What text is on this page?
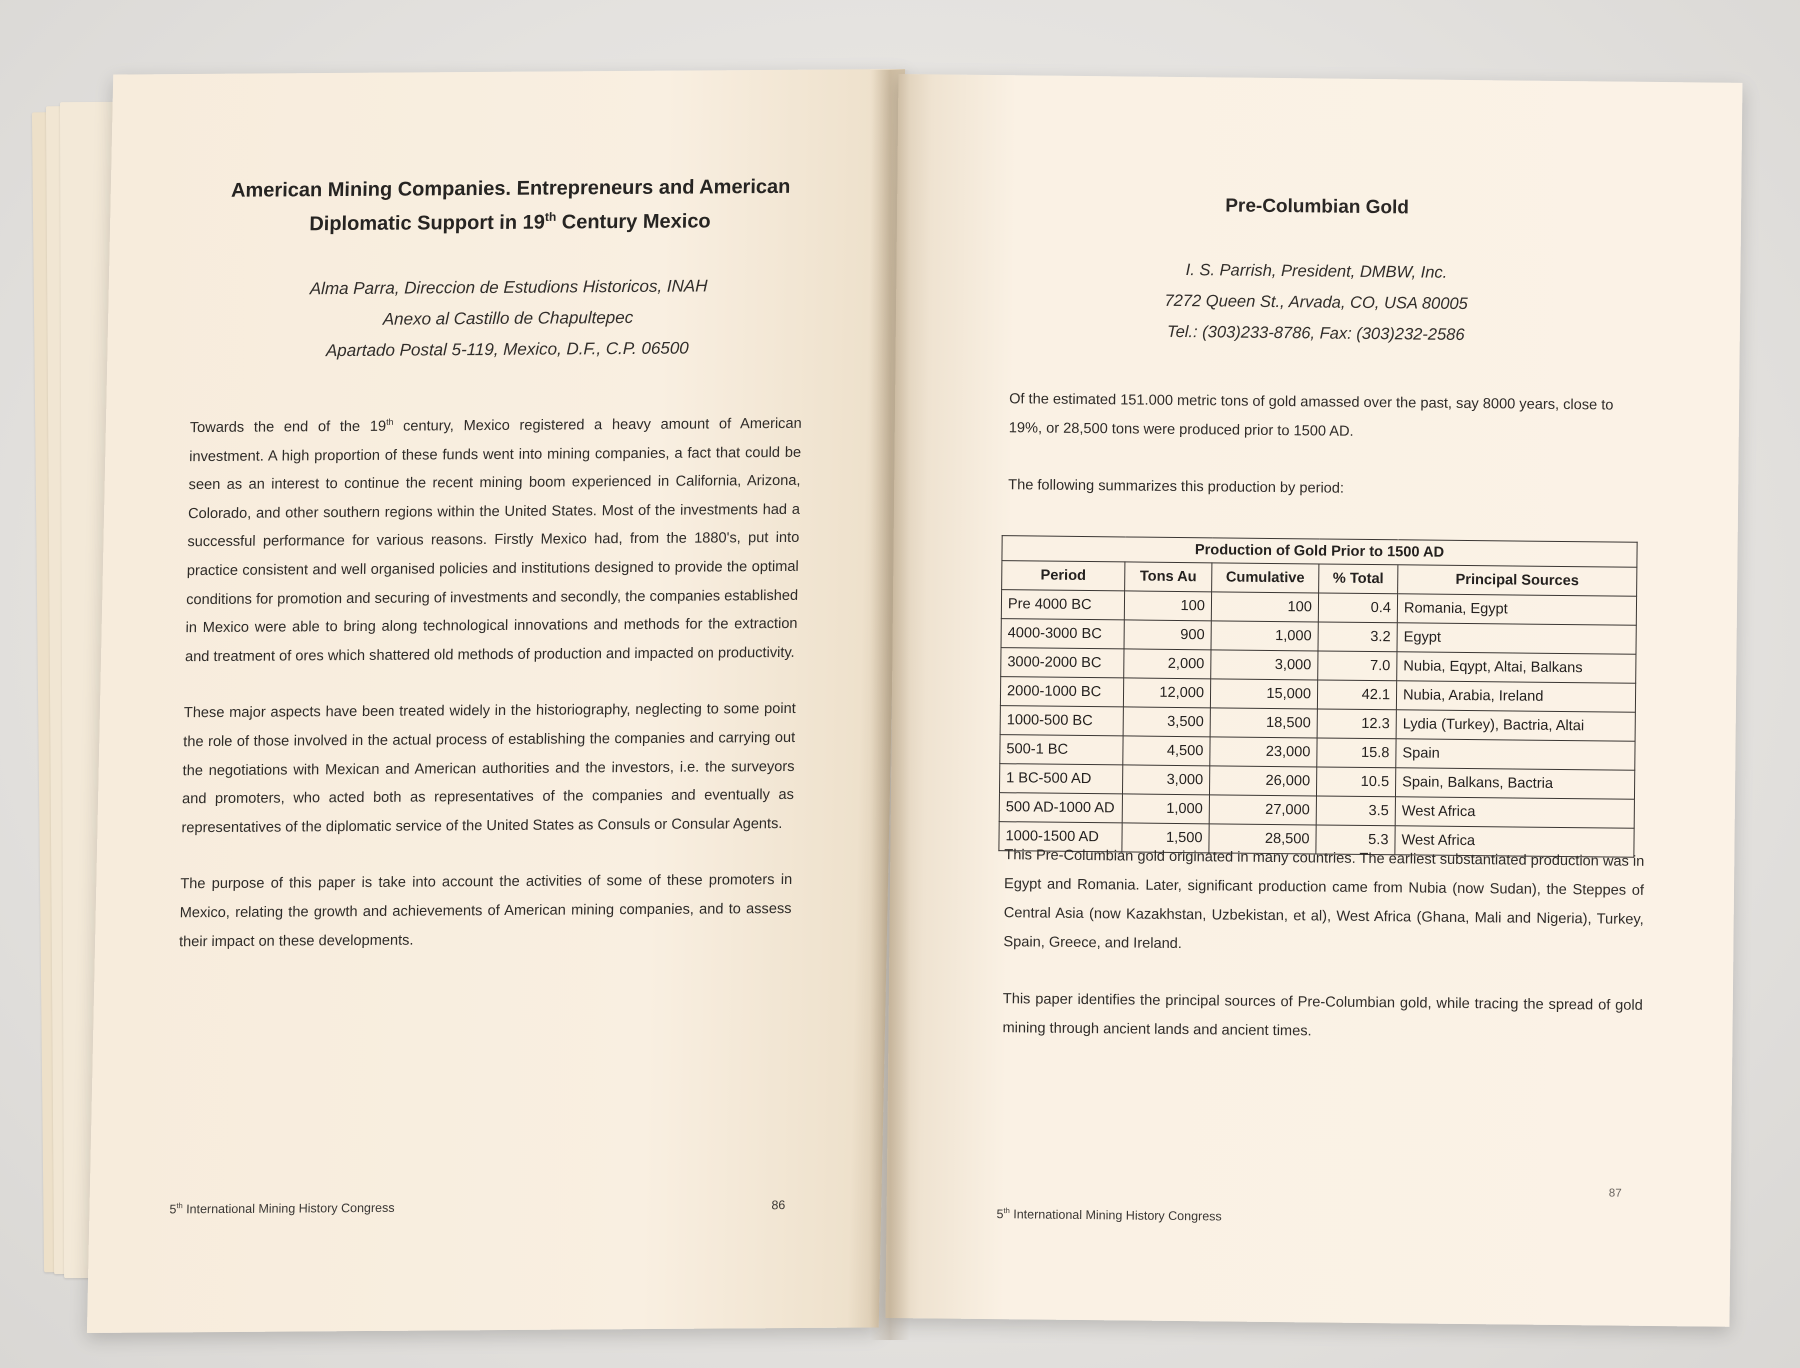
American Mining Companies. Entrepreneurs and American
Diplomatic Support in 19th Century Mexico
Alma Parra, Direccion de Estudions Historicos, INAH
Anexo al Castillo de Chapultepec
Apartado Postal 5-119, Mexico, D.F., C.P. 06500

Towards the end of the 19th century, Mexico registered a heavy amount of American investment. A high proportion of these funds went into mining companies, a fact that could be seen as an interest to continue the recent mining boom experienced in California, Arizona, Colorado, and other southern regions within the United States. Most of the investments had a successful performance for various reasons. Firstly Mexico had, from the 1880's, put into practice consistent and well organised policies and institutions designed to provide the optimal conditions for promotion and securing of investments and secondly, the companies established in Mexico were able to bring along technological innovations and methods for the extraction and treatment of ores which shattered old methods of production and impacted on productivity.

These major aspects have been treated widely in the historiography, neglecting to some point the role of those involved in the actual process of establishing the companies and carrying out the negotiations with Mexican and American authorities and the investors, i.e. the surveyors and promoters, who acted both as representatives of the companies and eventually as representatives of the diplomatic service of the United States as Consuls or Consular Agents.

The purpose of this paper is take into account the activities of some of these promoters in Mexico, relating the growth and achievements of American mining companies, and to assess their impact on these developments.

5th International Mining History Congress	86
Pre-Columbian Gold
I. S. Parrish, President, DMBW, Inc.
7272 Queen St., Arvada, CO, USA 80005
Tel.: (303)233-8786, Fax: (303)232-2586

Of the estimated 151.000 metric tons of gold amassed over the past, say 8000 years, close to 19%, or 28,500 tons were produced prior to 1500 AD.

The following summarizes this production by period:

Production of Gold Prior to 1500 AD				
Period	Tons Au	Cumulative	% Total	Principal Sources
Pre 4000 BC	100	100	0.4	Romania, Egypt
4000-3000 BC	900	1,000	3.2	Egypt
3000-2000 BC	2,000	3,000	7.0	Nubia, Eqypt, Altai, Balkans
2000-1000 BC	12,000	15,000	42.1	Nubia, Arabia, Ireland
1000-500 BC	3,500	18,500	12.3	Lydia (Turkey), Bactria, Altai
500-1 BC	4,500	23,000	15.8	Spain
1 BC-500 AD	3,000	26,000	10.5	Spain, Balkans, Bactria
500 AD-1000 AD	1,000	27,000	3.5	West Africa
1000-1500 AD	1,500	28,500	5.3	West Africa

This Pre-Columbian gold originated in many countries. The earliest substantiated production was in Egypt and Romania. Later, significant production came from Nubia (now Sudan), the Steppes of Central Asia (now Kazakhstan, Uzbekistan, et al), West Africa (Ghana, Mali and Nigeria), Turkey, Spain, Greece, and Ireland.

This paper identifies the principal sources of Pre-Columbian gold, while tracing the spread of gold mining through ancient lands and ancient times.

5th International Mining History Congress
87
